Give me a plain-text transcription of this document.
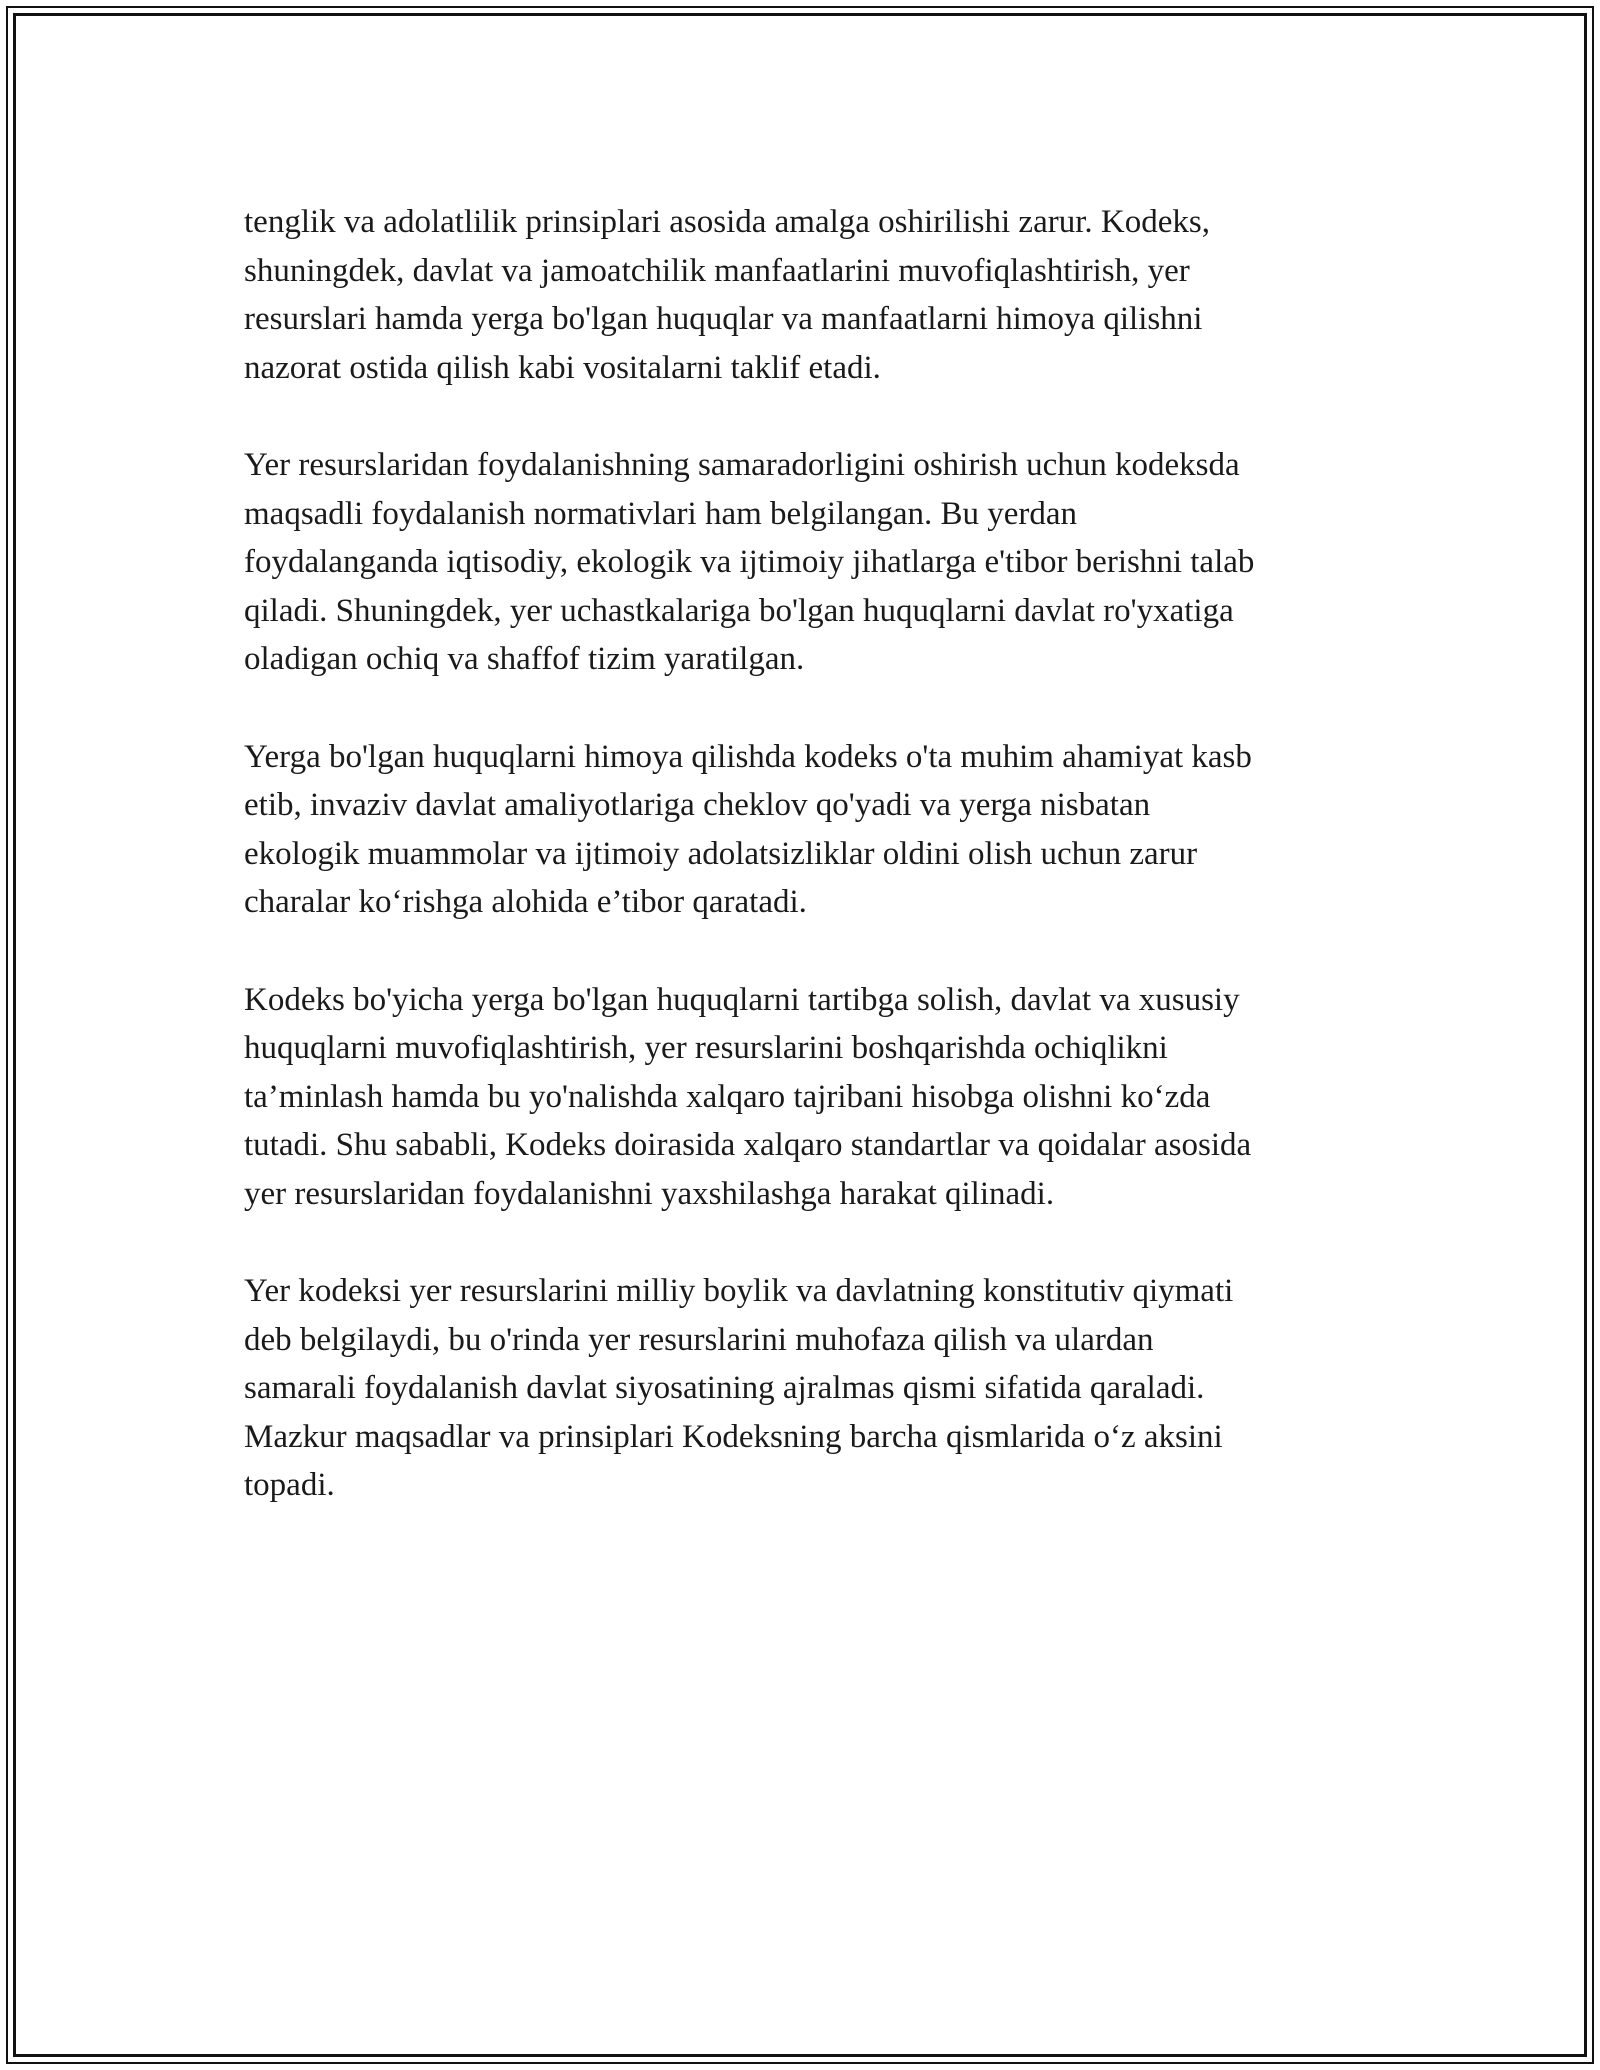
tenglik va adolatlilik prinsiplari asosida amalga oshirilishi zarur. Kodeks,
shuningdek, davlat va jamoatchilik manfaatlarini muvofiqlashtirish, yer
resurslari hamda yerga bo'lgan huquqlar va manfaatlarni himoya qilishni
nazorat ostida qilish kabi vositalarni taklif etadi.

Yer resurslaridan foydalanishning samaradorligini oshirish uchun kodeksda
maqsadli foydalanish normativlari ham belgilangan. Bu yerdan
foydalanganda iqtisodiy, ekologik va ijtimoiy jihatlarga e'tibor berishni talab
qiladi. Shuningdek, yer uchastkalariga bo'lgan huquqlarni davlat ro'yxatiga
oladigan ochiq va shaffof tizim yaratilgan.

Yerga bo'lgan huquqlarni himoya qilishda kodeks o'ta muhim ahamiyat kasb
etib, invaziv davlat amaliyotlariga cheklov qo'yadi va yerga nisbatan
ekologik muammolar va ijtimoiy adolatsizliklar oldini olish uchun zarur
charalar ko‘rishga alohida e’tibor qaratadi.

Kodeks bo'yicha yerga bo'lgan huquqlarni tartibga solish, davlat va xususiy
huquqlarni muvofiqlashtirish, yer resurslarini boshqarishda ochiqlikni
ta’minlash hamda bu yo'nalishda xalqaro tajribani hisobga olishni ko‘zda
tutadi. Shu sababli, Kodeks doirasida xalqaro standartlar va qoidalar asosida
yer resurslaridan foydalanishni yaxshilashga harakat qilinadi.

Yer kodeksi yer resurslarini milliy boylik va davlatning konstitutiv qiymati
deb belgilaydi, bu o'rinda yer resurslarini muhofaza qilish va ulardan
samarali foydalanish davlat siyosatining ajralmas qismi sifatida qaraladi.
Mazkur maqsadlar va prinsiplari Kodeksning barcha qismlarida o‘z aksini
topadi.
